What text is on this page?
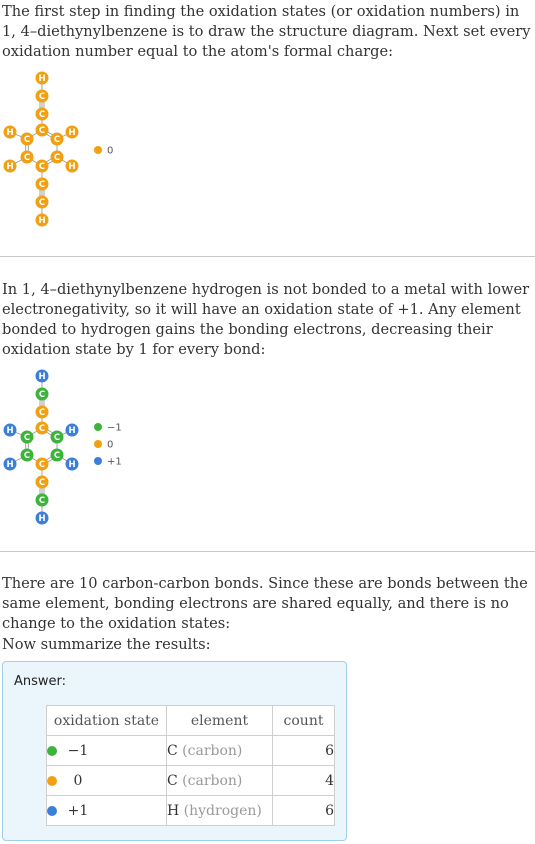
The first step in finding the oxidation states (or oxidation numbers) in 1, 4–diethynylbenzene is to draw the structure diagram. Next set every oxidation number equal to the atom's formal charge:

H
C
C
C
C
C
C
C
C
C
C
H
H	H
H	H
0

In 1, 4–diethynylbenzene hydrogen is not bonded to a metal with lower electronegativity, so it will have an oxidation state of +1. Any element bonded to hydrogen gains the bonding electrons, decreasing their oxidation state by 1 for every bond:

H
C
C
C
C
C
C
C
C
C
C
H
H	H
H	H
−1
0
+1

There are 10 carbon-carbon bonds. Since these are bonds between the same element, bonding electrons are shared equally, and there is no change to the oxidation states:

Now summarize the results:

Answer:
oxidation state	element	count
−1	C (carbon)	6
0	C (carbon)	4
+1	H (hydrogen)	6
